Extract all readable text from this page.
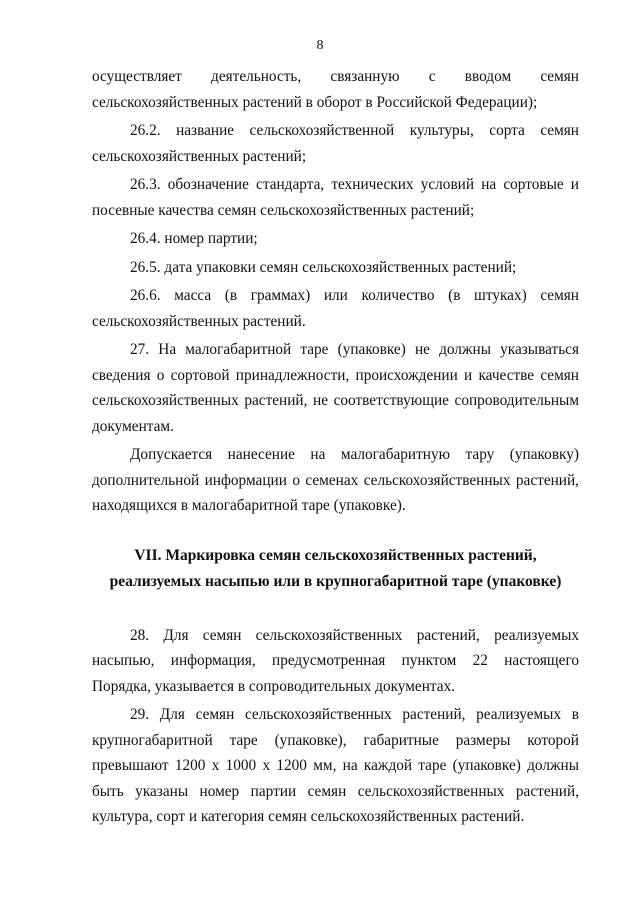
8

осуществляет деятельность, связанную с вводом семян сельскохозяйственных растений в оборот в Российской Федерации);

26.2. название сельскохозяйственной культуры, сорта семян сельскохозяйственных растений;

26.3. обозначение стандарта, технических условий на сортовые и посевные качества семян сельскохозяйственных растений;

26.4. номер партии;

26.5. дата упаковки семян сельскохозяйственных растений;

26.6. масса (в граммах) или количество (в штуках) семян сельскохозяйственных растений.

27. На малогабаритной таре (упаковке) не должны указываться сведения о сортовой принадлежности, происхождении и качестве семян сельскохозяйственных растений, не соответствующие сопроводительным документам.

Допускается нанесение на малогабаритную тару (упаковку) дополнительной информации о семенах сельскохозяйственных растений, находящихся в малогабаритной таре (упаковке).

VII. Маркировка семян сельскохозяйственных растений,
реализуемых насыпью или в крупногабаритной таре (упаковке)

28. Для семян сельскохозяйственных растений, реализуемых насыпью, информация, предусмотренная пунктом 22 настоящего Порядка, указывается в сопроводительных документах.

29. Для семян сельскохозяйственных растений, реализуемых в крупногабаритной таре (упаковке), габаритные размеры которой превышают 1200 х 1000 х 1200 мм, на каждой таре (упаковке) должны быть указаны номер партии семян сельскохозяйственных растений, культура, сорт и категория семян сельскохозяйственных растений.
